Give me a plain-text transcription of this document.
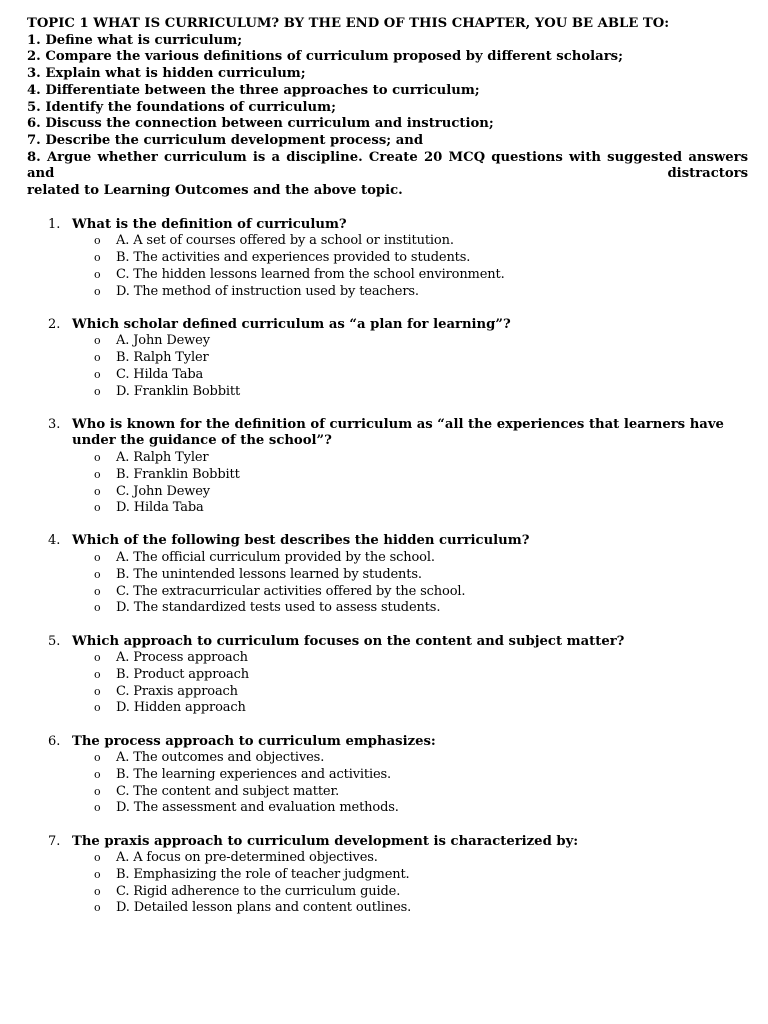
TOPIC 1 WHAT IS CURRICULUM? BY THE END OF THIS CHAPTER, YOU BE ABLE TO:
1. Define what is curriculum;
2. Compare the various definitions of curriculum proposed by different scholars;
3. Explain what is hidden curriculum;
4. Differentiate between the three approaches to curriculum;
5. Identify the foundations of curriculum;
6. Discuss the connection between curriculum and instruction;
7. Describe the curriculum development process; and
8. Argue whether curriculum is a discipline. Create 20 MCQ questions with suggested answers and distractors
related to Learning Outcomes and the above topic.
1. What is the definition of curriculum?
o A. A set of courses offered by a school or institution.
o B. The activities and experiences provided to students.
o C. The hidden lessons learned from the school environment.
o D. The method of instruction used by teachers.
2. Which scholar defined curriculum as “a plan for learning”?
o A. John Dewey
o B. Ralph Tyler
o C. Hilda Taba
o D. Franklin Bobbitt
3. Who is known for the definition of curriculum as “all the experiences that learners have under the guidance of the school”?
o A. Ralph Tyler
o B. Franklin Bobbitt
o C. John Dewey
o D. Hilda Taba
4. Which of the following best describes the hidden curriculum?
o A. The official curriculum provided by the school.
o B. The unintended lessons learned by students.
o C. The extracurricular activities offered by the school.
o D. The standardized tests used to assess students.
5. Which approach to curriculum focuses on the content and subject matter?
o A. Process approach
o B. Product approach
o C. Praxis approach
o D. Hidden approach
6. The process approach to curriculum emphasizes:
o A. The outcomes and objectives.
o B. The learning experiences and activities.
o C. The content and subject matter.
o D. The assessment and evaluation methods.
7. The praxis approach to curriculum development is characterized by:
o A. A focus on pre-determined objectives.
o B. Emphasizing the role of teacher judgment.
o C. Rigid adherence to the curriculum guide.
o D. Detailed lesson plans and content outlines.
